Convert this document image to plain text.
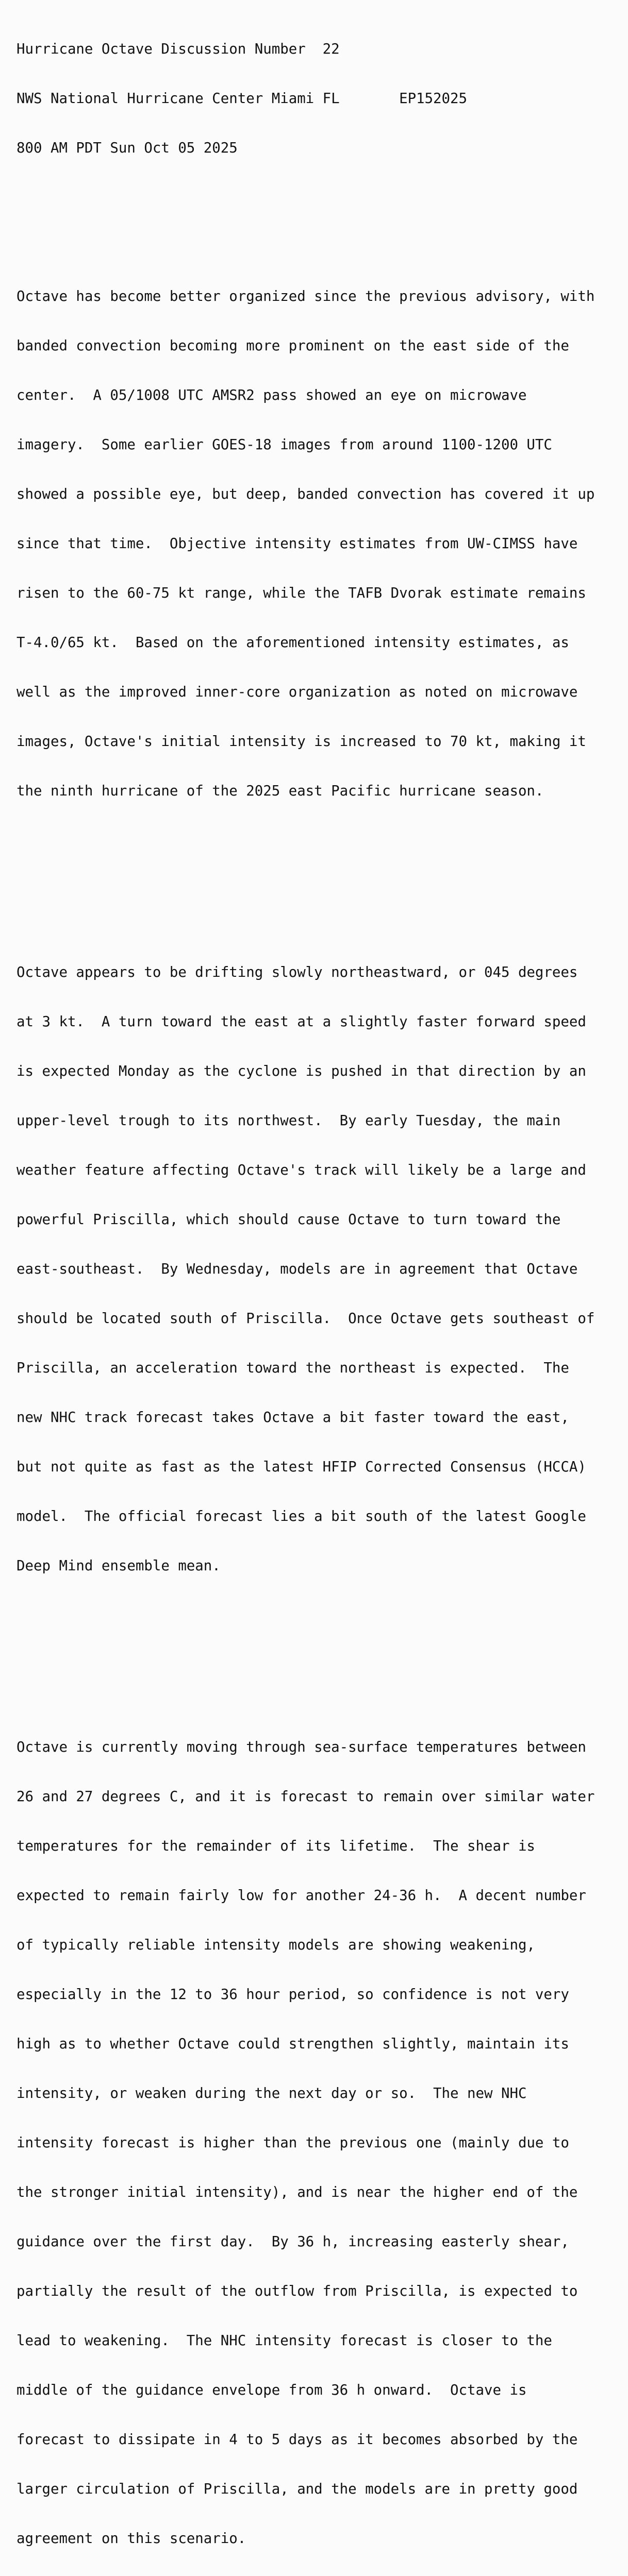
Hurricane Octave Discussion Number  22

NWS National Hurricane Center Miami FL       EP152025

800 AM PDT Sun Oct 05 2025

Octave has become better organized since the previous advisory, with

banded convection becoming more prominent on the east side of the

center.  A 05/1008 UTC AMSR2 pass showed an eye on microwave

imagery.  Some earlier GOES-18 images from around 1100-1200 UTC

showed a possible eye, but deep, banded convection has covered it up

since that time.  Objective intensity estimates from UW-CIMSS have

risen to the 60-75 kt range, while the TAFB Dvorak estimate remains

T-4.0/65 kt.  Based on the aforementioned intensity estimates, as

well as the improved inner-core organization as noted on microwave

images, Octave's initial intensity is increased to 70 kt, making it

the ninth hurricane of the 2025 east Pacific hurricane season.

Octave appears to be drifting slowly northeastward, or 045 degrees

at 3 kt.  A turn toward the east at a slightly faster forward speed

is expected Monday as the cyclone is pushed in that direction by an

upper-level trough to its northwest.  By early Tuesday, the main

weather feature affecting Octave's track will likely be a large and

powerful Priscilla, which should cause Octave to turn toward the

east-southeast.  By Wednesday, models are in agreement that Octave

should be located south of Priscilla.  Once Octave gets southeast of

Priscilla, an acceleration toward the northeast is expected.  The

new NHC track forecast takes Octave a bit faster toward the east,

but not quite as fast as the latest HFIP Corrected Consensus (HCCA)

model.  The official forecast lies a bit south of the latest Google

Deep Mind ensemble mean.

Octave is currently moving through sea-surface temperatures between

26 and 27 degrees C, and it is forecast to remain over similar water

temperatures for the remainder of its lifetime.  The shear is

expected to remain fairly low for another 24-36 h.  A decent number

of typically reliable intensity models are showing weakening,

especially in the 12 to 36 hour period, so confidence is not very

high as to whether Octave could strengthen slightly, maintain its

intensity, or weaken during the next day or so.  The new NHC

intensity forecast is higher than the previous one (mainly due to

the stronger initial intensity), and is near the higher end of the

guidance over the first day.  By 36 h, increasing easterly shear,

partially the result of the outflow from Priscilla, is expected to

lead to weakening.  The NHC intensity forecast is closer to the

middle of the guidance envelope from 36 h onward.  Octave is

forecast to dissipate in 4 to 5 days as it becomes absorbed by the

larger circulation of Priscilla, and the models are in pretty good

agreement on this scenario.
